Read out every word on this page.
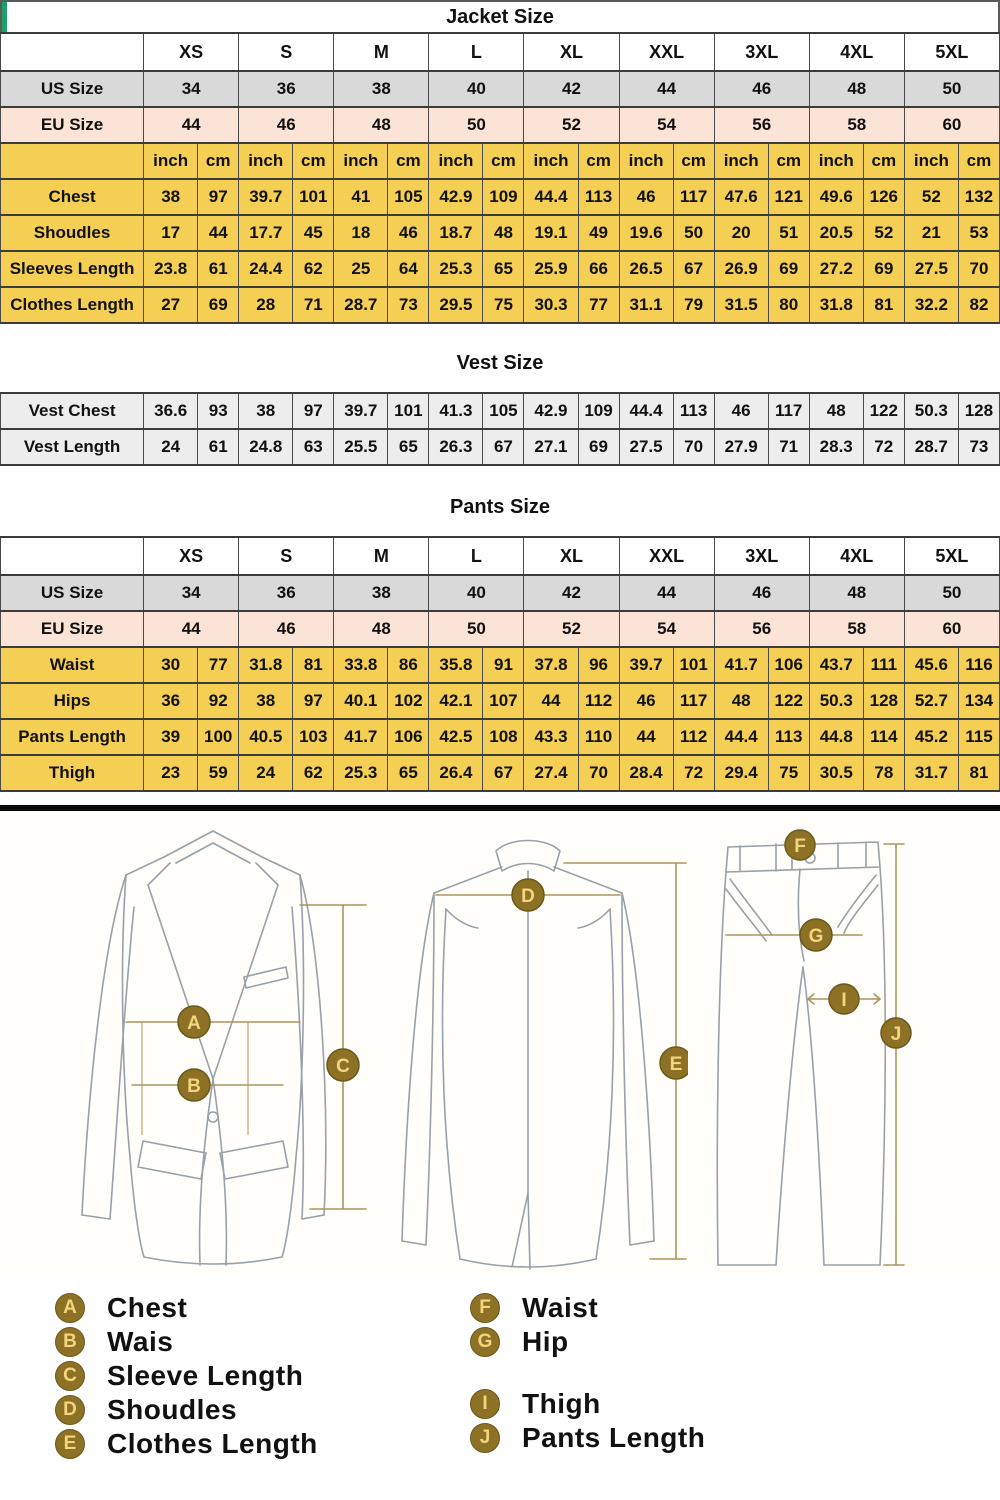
Jacket Size
	XS		S		M		L		XL		XXL		3XL		4XL		5XL	
US Size	34		36		38		40		42		44		46		48		50	
EU Size	44		46		48		50		52		54		56		58		60	
	inch	cm	inch	cm	inch	cm	inch	cm	inch	cm	inch	cm	inch	cm	inch	cm	inch	cm
Chest	38	97	39.7	101	41	105	42.9	109	44.4	113	46	117	47.6	121	49.6	126	52	132
Shoudles	17	44	17.7	45	18	46	18.7	48	19.1	49	19.6	50	20	51	20.5	52	21	53
Sleeves Length	23.8	61	24.4	62	25	64	25.3	65	25.9	66	26.5	67	26.9	69	27.2	69	27.5	70
Clothes Length	27	69	28	71	28.7	73	29.5	75	30.3	77	31.1	79	31.5	80	31.8	81	32.2	82
Vest Size
Vest Chest	36.6	93	38	97	39.7	101	41.3	105	42.9	109	44.4	113	46	117	48	122	50.3	128
Vest Length	24	61	24.8	63	25.5	65	26.3	67	27.1	69	27.5	70	27.9	71	28.3	72	28.7	73
Pants Size
	XS		S		M		L		XL		XXL		3XL		4XL		5XL	
US Size	34		36		38		40		42		44		46		48		50	
EU Size	44		46		48		50		52		54		56		58		60	
Waist	30	77	31.8	81	33.8	86	35.8	91	37.8	96	39.7	101	41.7	106	43.7	111	45.6	116
Hips	36	92	38	97	40.1	102	42.1	107	44	112	46	117	48	122	50.3	128	52.7	134
Pants Length	39	100	40.5	103	41.7	106	42.5	108	43.3	110	44	112	44.4	113	44.8	114	45.2	115
Thigh	23	59	24	62	25.3	65	26.4	67	27.4	70	28.4	72	29.4	75	30.5	78	31.7	81
A
B
C
D
E
F
G
I
J
A Chest
B Wais
C Sleeve Length
D Shoudles
E	Clothes Length
F	Waist
G Hip
I	Thigh
J	Pants Length
